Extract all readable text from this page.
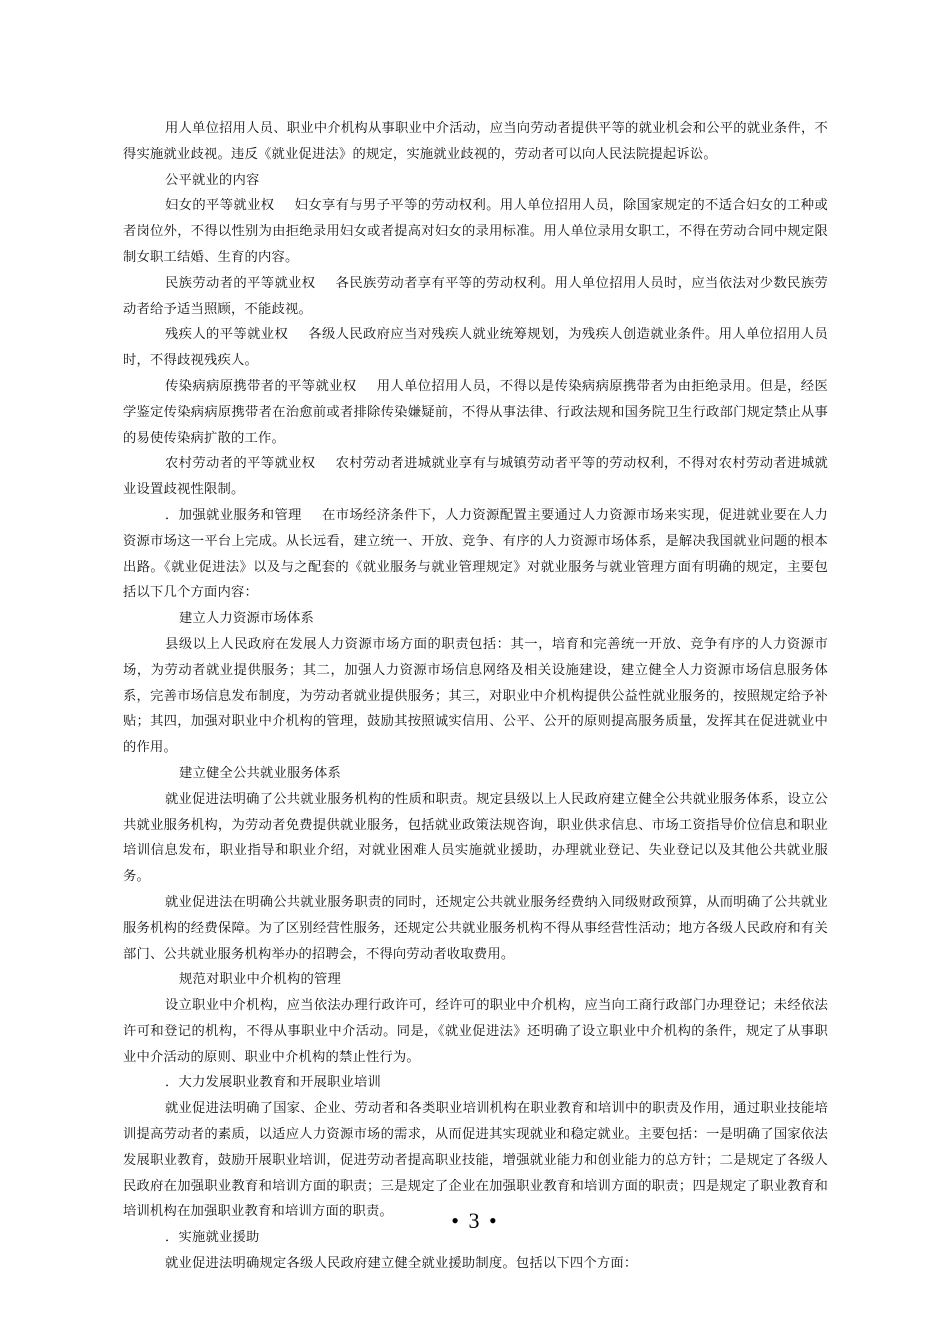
用人单位招用人员、职业中介机构从事职业中介活动，应当向劳动者提供平等的就业机会和公平的就业条件，不得实施就业歧视。违反《就业促进法》的规定，实施就业歧视的，劳动者可以向人民法院提起诉讼。

公平就业的内容

妇女的平等就业权 妇女享有与男子平等的劳动权利。用人单位招用人员，除国家规定的不适合妇女的工种或者岗位外，不得以性别为由拒绝录用妇女或者提高对妇女的录用标准。用人单位录用女职工，不得在劳动合同中规定限制女职工结婚、生育的内容。

民族劳动者的平等就业权 各民族劳动者享有平等的劳动权利。用人单位招用人员时，应当依法对少数民族劳动者给予适当照顾，不能歧视。

残疾人的平等就业权 各级人民政府应当对残疾人就业统筹规划，为残疾人创造就业条件。用人单位招用人员时，不得歧视残疾人。

传染病病原携带者的平等就业权 用人单位招用人员，不得以是传染病病原携带者为由拒绝录用。但是，经医学鉴定传染病病原携带者在治愈前或者排除传染嫌疑前，不得从事法律、行政法规和国务院卫生行政部门规定禁止从事的易使传染病扩散的工作。

农村劳动者的平等就业权 农村劳动者进城就业享有与城镇劳动者平等的劳动权利，不得对农村劳动者进城就业设置歧视性限制。

．加强就业服务和管理 在市场经济条件下，人力资源配置主要通过人力资源市场来实现，促进就业要在人力资源市场这一平台上完成。从长远看，建立统一、开放、竞争、有序的人力资源市场体系，是解决我国就业问题的根本出路。《就业促进法》以及与之配套的《就业服务与就业管理规定》对就业服务与就业管理方面有明确的规定，主要包括以下几个方面内容：

建立人力资源市场体系

县级以上人民政府在发展人力资源市场方面的职责包括：其一，培育和完善统一开放、竞争有序的人力资源市场，为劳动者就业提供服务；其二，加强人力资源市场信息网络及相关设施建设，建立健全人力资源市场信息服务体系，完善市场信息发布制度，为劳动者就业提供服务；其三，对职业中介机构提供公益性就业服务的，按照规定给予补贴；其四，加强对职业中介机构的管理，鼓励其按照诚实信用、公平、公开的原则提高服务质量，发挥其在促进就业中的作用。

建立健全公共就业服务体系

就业促进法明确了公共就业服务机构的性质和职责。规定县级以上人民政府建立健全公共就业服务体系，设立公共就业服务机构，为劳动者免费提供就业服务，包括就业政策法规咨询，职业供求信息、市场工资指导价位信息和职业培训信息发布，职业指导和职业介绍，对就业困难人员实施就业援助，办理就业登记、失业登记以及其他公共就业服务。

就业促进法在明确公共就业服务职责的同时，还规定公共就业服务经费纳入同级财政预算，从而明确了公共就业服务机构的经费保障。为了区别经营性服务，还规定公共就业服务机构不得从事经营性活动；地方各级人民政府和有关部门、公共就业服务机构举办的招聘会，不得向劳动者收取费用。

规范对职业中介机构的管理

设立职业中介机构，应当依法办理行政许可，经许可的职业中介机构，应当向工商行政部门办理登记；未经依法许可和登记的机构，不得从事职业中介活动。同是，《就业促进法》还明确了设立职业中介机构的条件，规定了从事职业中介活动的原则、职业中介机构的禁止性行为。

．大力发展职业教育和开展职业培训

就业促进法明确了国家、企业、劳动者和各类职业培训机构在职业教育和培训中的职责及作用，通过职业技能培训提高劳动者的素质，以适应人力资源市场的需求，从而促进其实现就业和稳定就业。主要包括：一是明确了国家依法发展职业教育，鼓励开展职业培训，促进劳动者提高职业技能，增强就业能力和创业能力的总方针；二是规定了各级人民政府在加强职业教育和培训方面的职责；三是规定了企业在加强职业教育和培训方面的职责；四是规定了职业教育和培训机构在加强职业教育和培训方面的职责。

．实施就业援助

就业促进法明确规定各级人民政府建立健全就业援助制度。包括以下四个方面：

• 3 •
